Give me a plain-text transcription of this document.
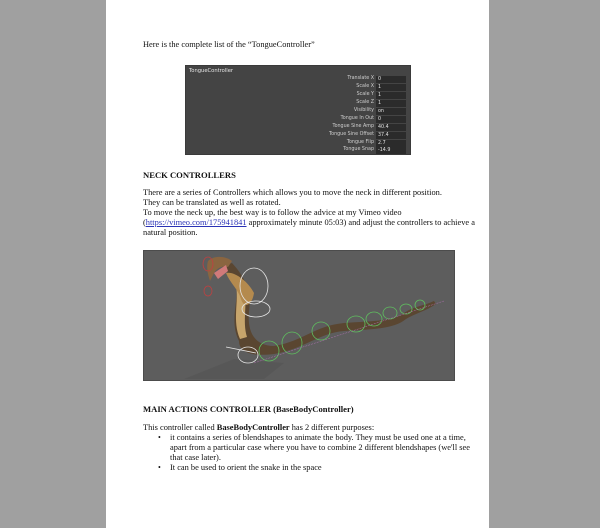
Here is the complete list of the “TongueController”
TongueController
Translate X 0
Scale X 1
Scale Y 1
Scale Z 1
Visibility on
Tongue In Out 0
Tongue Sine Amp 40.4
Tongue Sine Offset 37.4
Tongue Flip 2.7
Tongue Snap -14.9
NECK CONTROLLERS
There are a series of Controllers which allows you to move the neck in different position.
They can be translated as well as rotated.
To move the neck up, the best way is to follow the advice at my Vimeo video
(https://vimeo.com/175941841 approximately minute 05:03) and adjust the controllers to achieve a
natural position.
MAIN ACTIONS CONTROLLER (BaseBodyController)
This controller called BaseBodyController has 2 different purposes:
• it contains a series of blendshapes to animate the body. They must be used one at a time,
apart from a particular case where you have to combine 2 different blendshapes (we'll see
that case later).
• It can be used to orient the snake in the space
